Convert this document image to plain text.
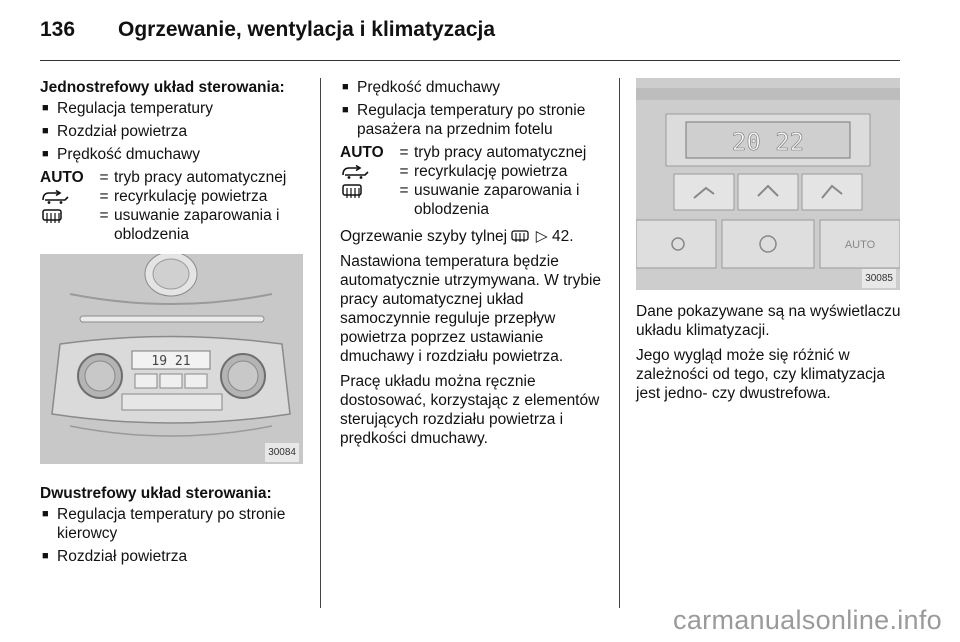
136 Ogrzewanie, wentylacja i klimatyzacja
Jednostrefowy układ sterowania:
■ Regulacja temperatury
■ Rozdział powietrza
■ Prędkość dmuchawy
AUTO	=	tryb pracy automatycznej
	=	recyrkulację powietrza
	=	usuwanie zaparowania i oblodzenia
19 21
30084
Dwustrefowy układ sterowania:
■ Regulacja temperatury po stronie kierowcy
■ Rozdział powietrza
■ Prędkość dmuchawy
■ Regulacja temperatury po stronie pasażera na przednim fotelu
AUTO	=	tryb pracy automatycznej
	=	recyrkulację powietrza
	=	usuwanie zaparowania i oblodzenia

Ogrzewanie szyby tylnej ▷ 42.

Nastawiona temperatura będzie automatycznie utrzymywana. W trybie pracy automatycznej układ samoczynnie reguluje przepływ powietrza poprzez ustawianie dmuchawy i rozdziału powietrza.

Pracę układu można ręcznie dostosować, korzystając z elementów sterujących rozdziału powietrza i prędkości dmuchawy.

20 22
AUTO
30085

Dane pokazywane są na wyświetlaczu układu klimatyzacji.

Jego wygląd może się różnić w zależności od tego, czy klimatyzacja jest jedno- czy dwustrefowa.

carmanualsonline.info
